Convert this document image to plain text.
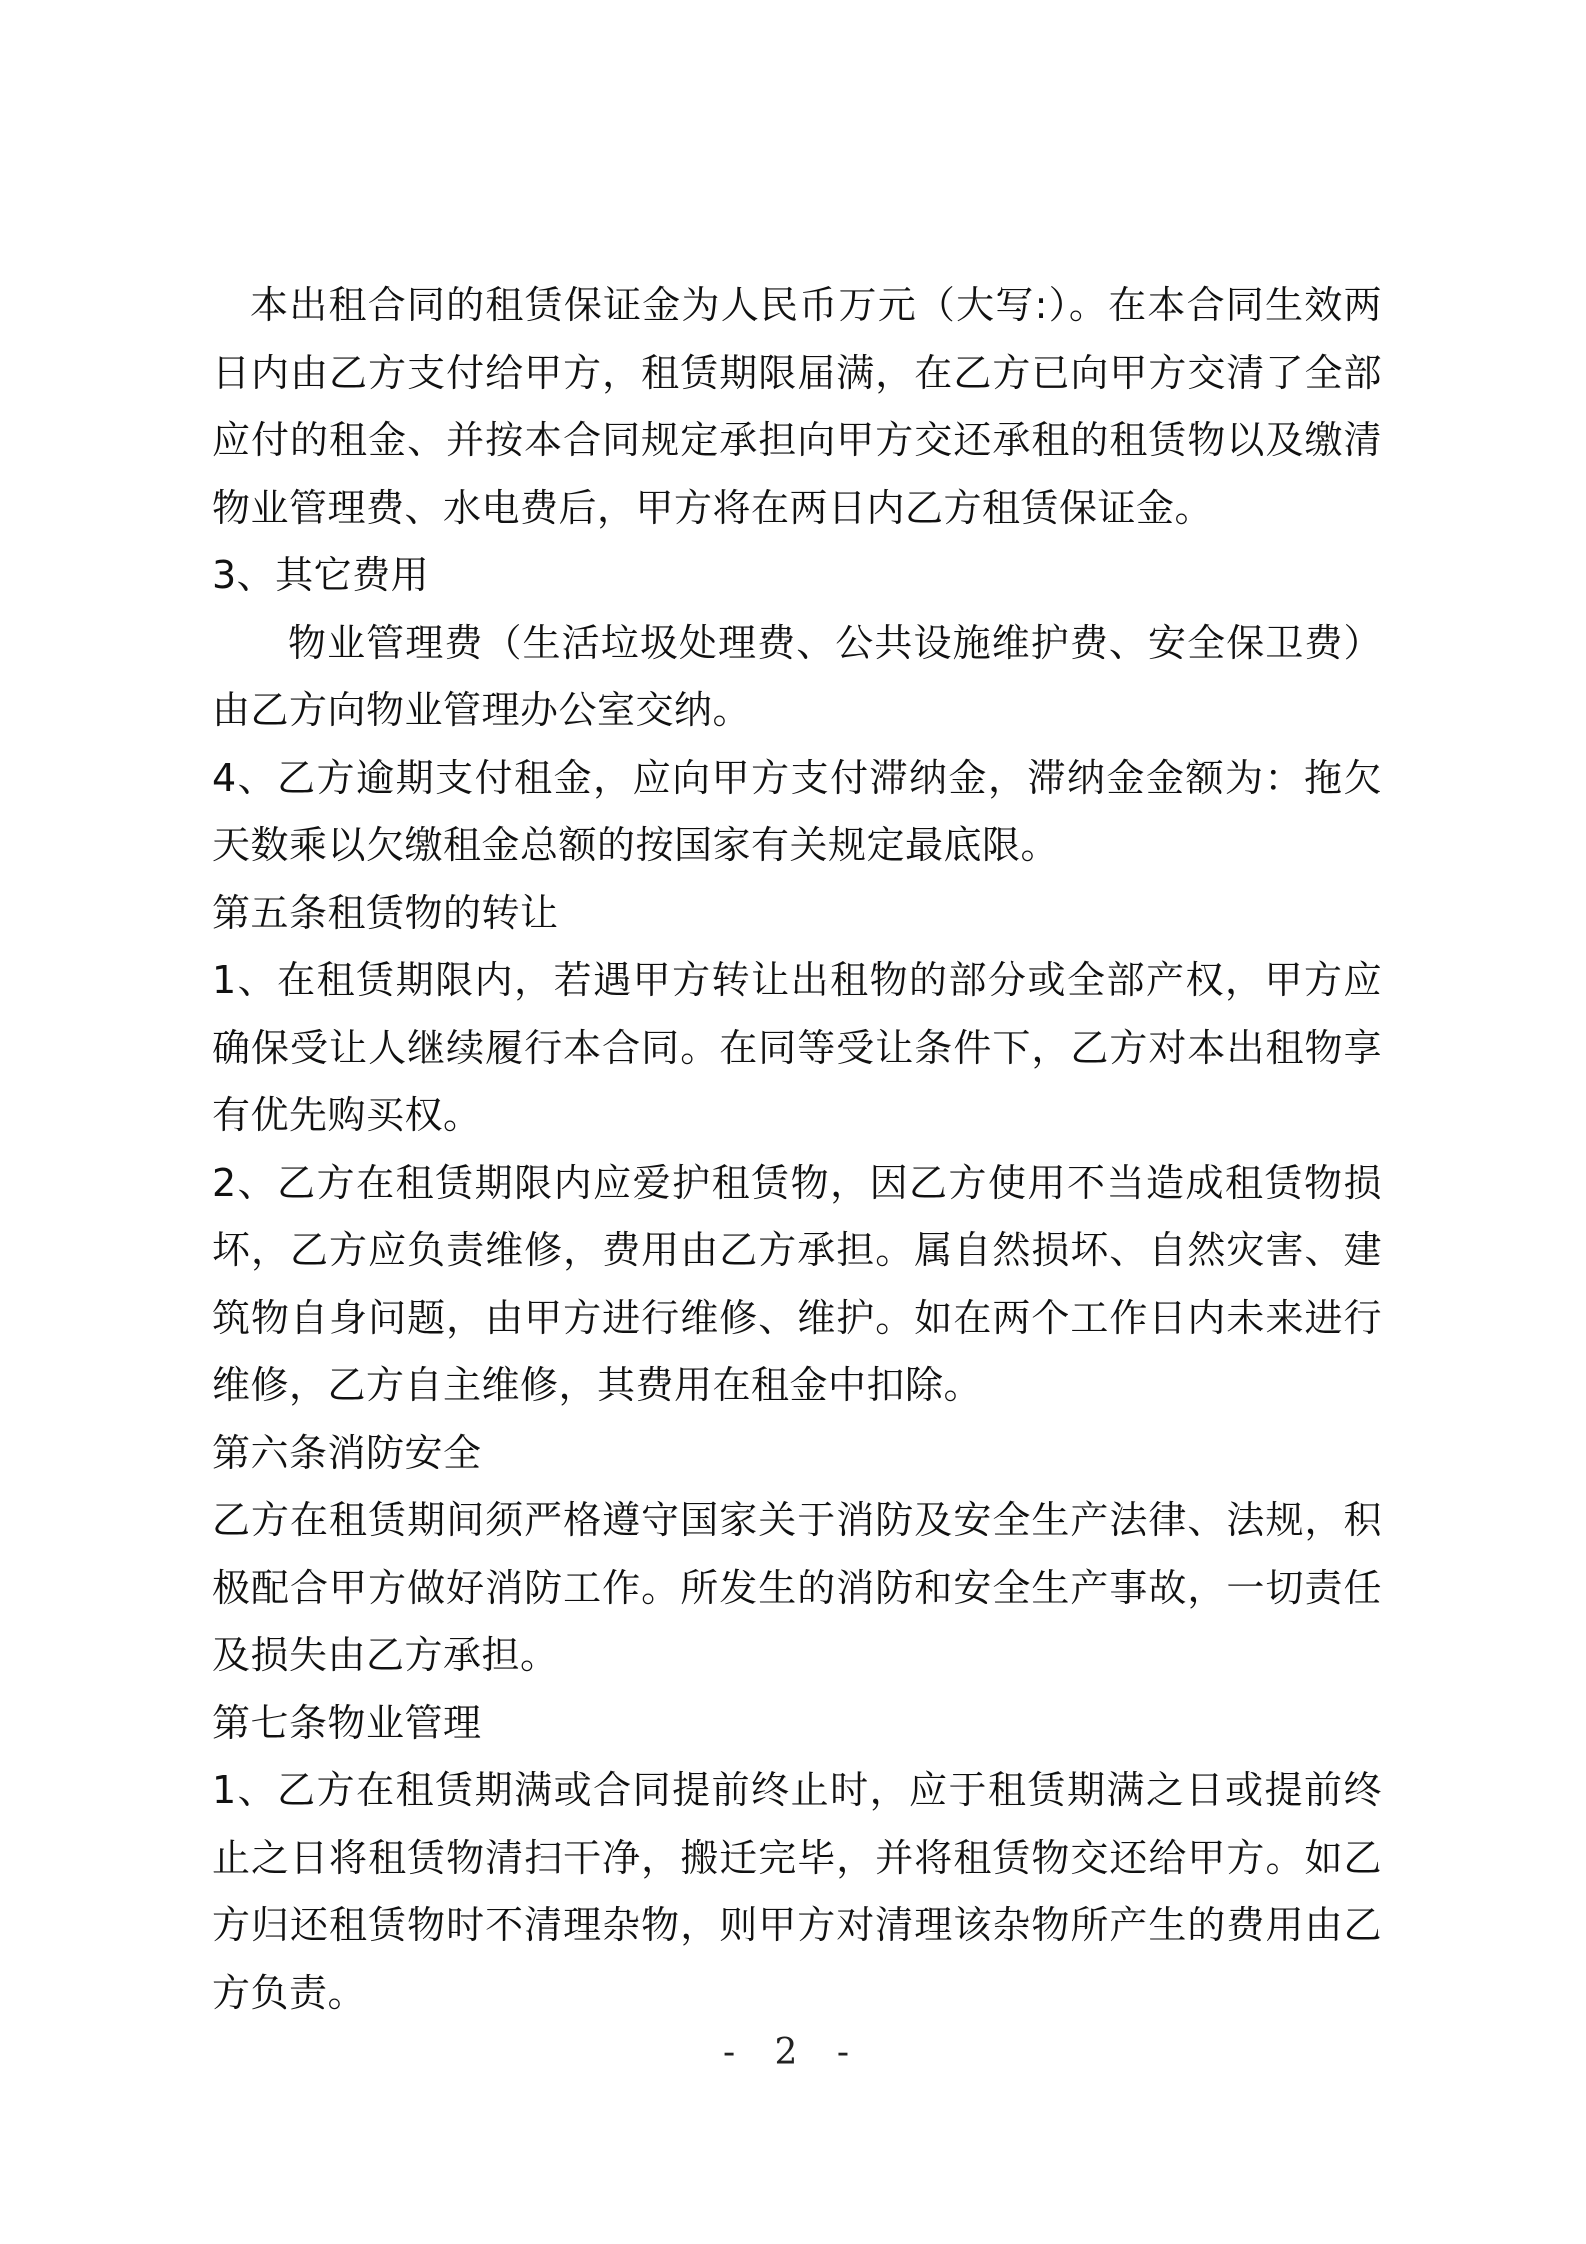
本出租合同的租赁保证金为人民币万元（大写:）。在本合同生效两日内由乙方支付给甲方，租赁期限届满，在乙方已向甲方交清了全部应付的租金、并按本合同规定承担向甲方交还承租的租赁物以及缴清物业管理费、水电费后，甲方将在两日内乙方租赁保证金。

3、其它费用

物业管理费（生活垃圾处理费、公共设施维护费、安全保卫费）由乙方向物业管理办公室交纳。

4、乙方逾期支付租金，应向甲方支付滞纳金，滞纳金金额为：拖欠天数乘以欠缴租金总额的按国家有关规定最底限。

第五条租赁物的转让

1、在租赁期限内，若遇甲方转让出租物的部分或全部产权，甲方应确保受让人继续履行本合同。在同等受让条件下，乙方对本出租物享有优先购买权。

2、乙方在租赁期限内应爱护租赁物，因乙方使用不当造成租赁物损坏，乙方应负责维修，费用由乙方承担。属自然损坏、自然灾害、建筑物自身问题，由甲方进行维修、维护。如在两个工作日内未来进行维修，乙方自主维修，其费用在租金中扣除。

第六条消防安全

乙方在租赁期间须严格遵守国家关于消防及安全生产法律、法规，积极配合甲方做好消防工作。所发生的消防和安全生产事故，一切责任及损失由乙方承担。

第七条物业管理

1、乙方在租赁期满或合同提前终止时，应于租赁期满之日或提前终止之日将租赁物清扫干净，搬迁完毕，并将租赁物交还给甲方。如乙方归还租赁物时不清理杂物，则甲方对清理该杂物所产生的费用由乙方负责。

- 2 -
